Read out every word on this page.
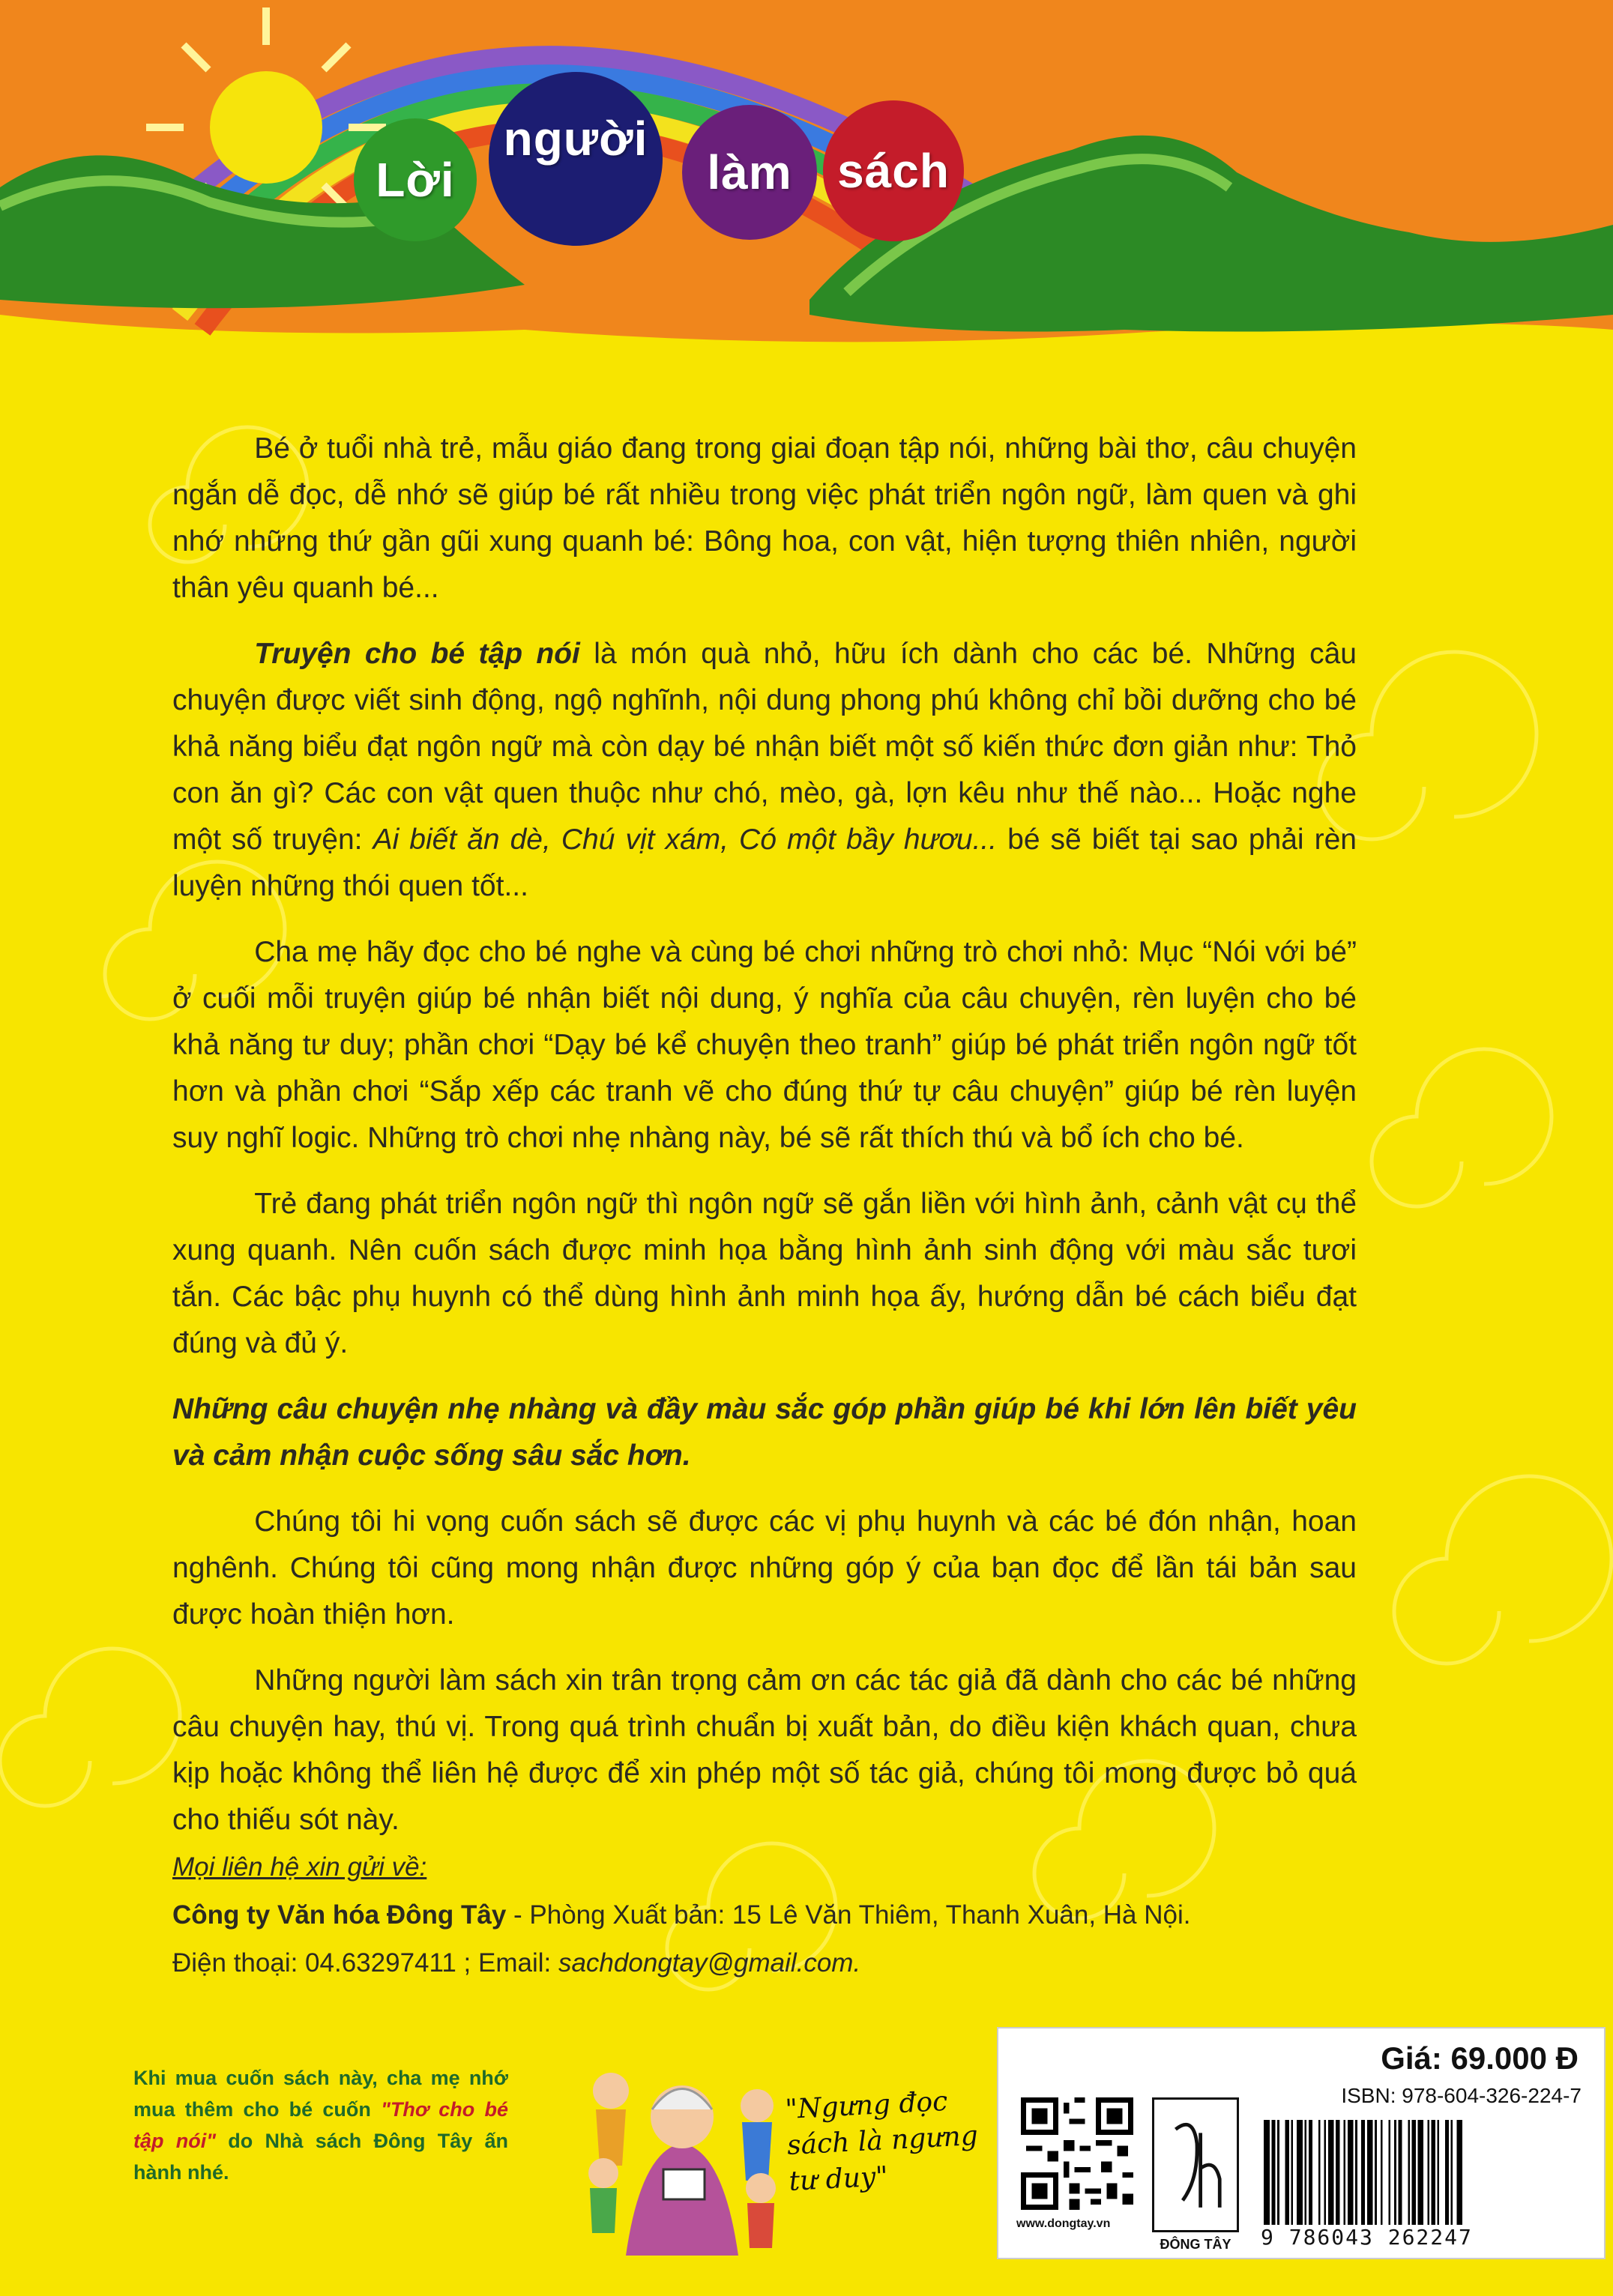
Lời
người
làm sách

Bé ở tuổi nhà trẻ, mẫu giáo đang trong giai đoạn tập nói, những bài thơ, câu chuyện ngắn dễ đọc, dễ nhớ sẽ giúp bé rất nhiều trong việc phát triển ngôn ngữ, làm quen và ghi nhớ những thứ gần gũi xung quanh bé: Bông hoa, con vật, hiện tượng thiên nhiên, người thân yêu quanh bé...

Truyện cho bé tập nói là món quà nhỏ, hữu ích dành cho các bé. Những câu chuyện được viết sinh động, ngộ nghĩnh, nội dung phong phú không chỉ bồi dưỡng cho bé khả năng biểu đạt ngôn ngữ mà còn dạy bé nhận biết một số kiến thức đơn giản như: Thỏ con ăn gì? Các con vật quen thuộc như chó, mèo, gà, lợn kêu như thế nào... Hoặc nghe một số truyện: Ai biết ăn dè, Chú vịt xám, Có một bầy hươu... bé sẽ biết tại sao phải rèn luyện những thói quen tốt...

Cha mẹ hãy đọc cho bé nghe và cùng bé chơi những trò chơi nhỏ: Mục “Nói với bé” ở cuối mỗi truyện giúp bé nhận biết nội dung, ý nghĩa của câu chuyện, rèn luyện cho bé khả năng tư duy; phần chơi “Dạy bé kể chuyện theo tranh” giúp bé phát triển ngôn ngữ tốt hơn và phần chơi “Sắp xếp các tranh vẽ cho đúng thứ tự câu chuyện” giúp bé rèn luyện suy nghĩ logic. Những trò chơi nhẹ nhàng này, bé sẽ rất thích thú và bổ ích cho bé.

Trẻ đang phát triển ngôn ngữ thì ngôn ngữ sẽ gắn liền với hình ảnh, cảnh vật cụ thể xung quanh. Nên cuốn sách được minh họa bằng hình ảnh sinh động với màu sắc tươi tắn. Các bậc phụ huynh có thể dùng hình ảnh minh họa ấy, hướng dẫn bé cách biểu đạt đúng và đủ ý.

Những câu chuyện nhẹ nhàng và đầy màu sắc góp phần giúp bé khi lớn lên biết yêu và cảm nhận cuộc sống sâu sắc hơn.

Chúng tôi hi vọng cuốn sách sẽ được các vị phụ huynh và các bé đón nhận, hoan nghênh. Chúng tôi cũng mong nhận được những góp ý của bạn đọc để lần tái bản sau được hoàn thiện hơn.

Những người làm sách xin trân trọng cảm ơn các tác giả đã dành cho các bé những câu chuyện hay, thú vị. Trong quá trình chuẩn bị xuất bản, do điều kiện khách quan, chưa kịp hoặc không thể liên hệ được để xin phép một số tác giả, chúng tôi mong được bỏ quá cho thiếu sót này.

Mọi liên hệ xin gửi về:
Công ty Văn hóa Đông Tây - Phòng Xuất bản: 15 Lê Văn Thiêm, Thanh Xuân, Hà Nội.
Điện thoại: 04.63297411 ; Email: sachdongtay@gmail.com.
Khi mua cuốn sách này, cha mẹ nhớ mua thêm cho bé cuốn "Thơ cho bé tập nói" do Nhà sách Đông Tây ấn hành nhé.
"Ngưng đọc sách là ngưng tư duy"
Giá: 69.000 Đ
ISBN: 978-604-326-224-7
www.dongtay.vn
ĐÔNG TÂY	9 786043 262247
